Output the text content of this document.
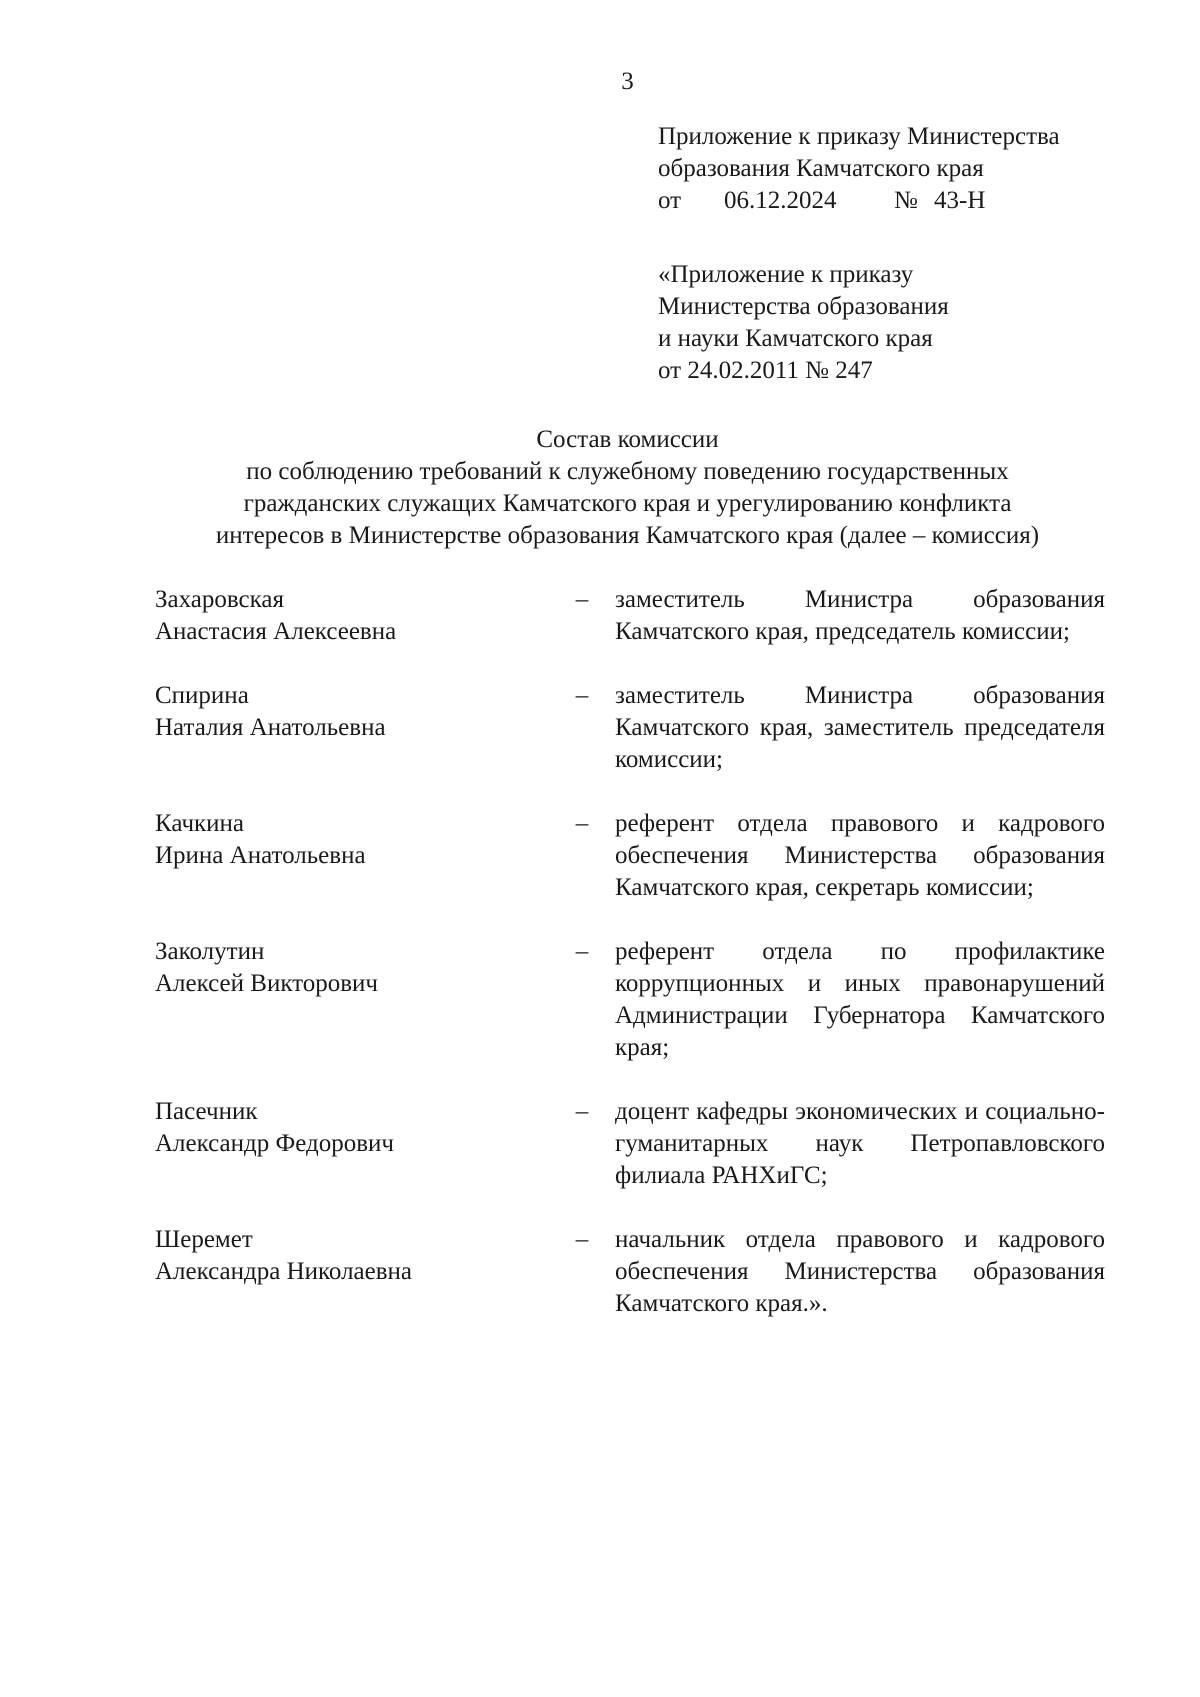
3
Приложение к приказу Министерства
образования Камчатского края
от 06.12.2024 № 43-Н
«Приложение к приказу
Министерства образования
и науки Камчатского края
от 24.02.2011 № 247
Состав комиссии
по соблюдению требований к служебному поведению государственных
гражданских служащих Камчатского края и урегулированию конфликта
интересов в Министерстве образования Камчатского края (далее – комиссия)
Захаровская
Анастасия Алексеевна
–	заместитель Министра образования Камчатского края, председатель комиссии;
Спирина
Наталия Анатольевна
–	заместитель Министра образования Камчатского края, заместитель председателя комиссии;
Качкина
Ирина Анатольевна
–	референт отдела правового и кадрового обеспечения Министерства образования Камчатского края, секретарь комиссии;
Заколутин
Алексей Викторович
–	референт отдела по профилактике коррупционных и иных правонарушений Администрации Губернатора Камчатского края;
Пасечник
Александр Федорович
–	доцент кафедры экономических и социально-гуманитарных наук Петропавловского филиала РАНХиГС;
Шеремет
Александра Николаевна
–	начальник отдела правового и кадрового обеспечения Министерства образования Камчатского края.».
